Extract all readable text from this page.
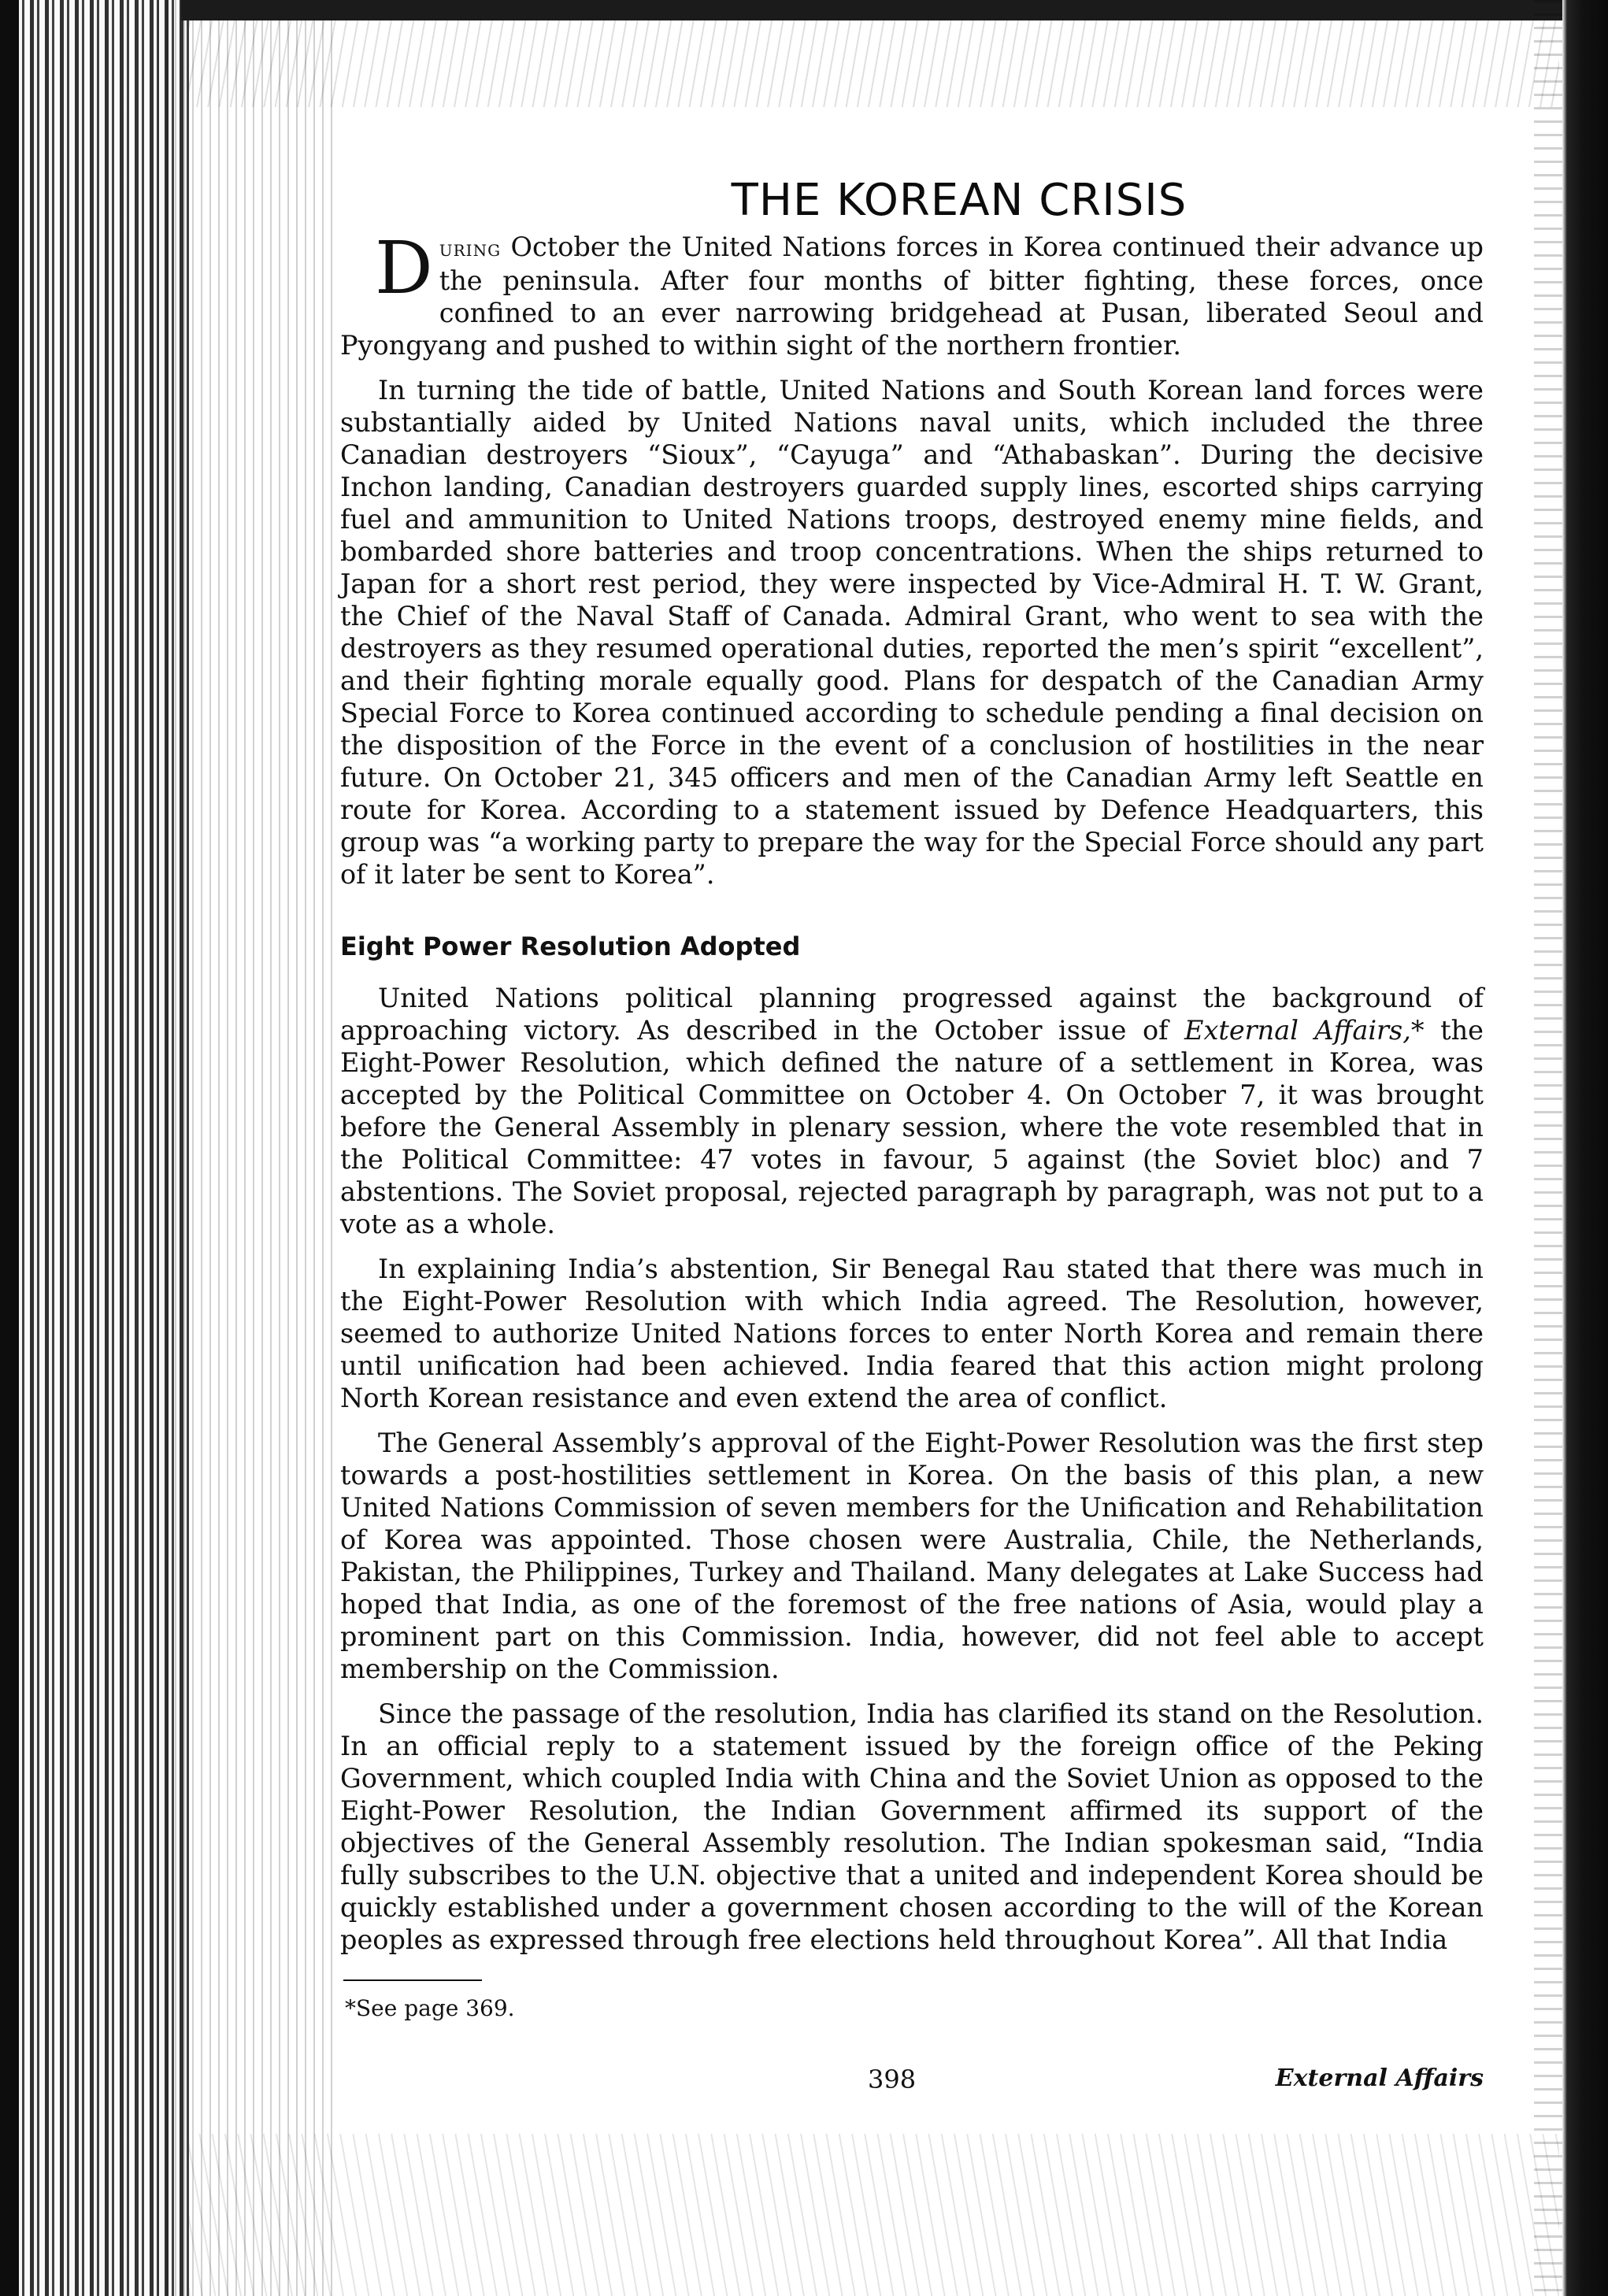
THE KOREAN CRISIS

During October the United Nations forces in Korea continued their advance up the peninsula. After four months of bitter fighting, these forces, once confined to an ever narrowing bridgehead at Pusan, liberated Seoul and Pyongyang and pushed to within sight of the northern frontier.

In turning the tide of battle, United Nations and South Korean land forces were substantially aided by United Nations naval units, which included the three Canadian destroyers “Sioux”, “Cayuga” and “Athabaskan”. During the decisive Inchon landing, Canadian destroyers guarded supply lines, escorted ships carrying fuel and ammunition to United Nations troops, destroyed enemy mine fields, and bombarded shore batteries and troop concentrations. When the ships returned to Japan for a short rest period, they were inspected by Vice-Admiral H. T. W. Grant, the Chief of the Naval Staff of Canada. Admiral Grant, who went to sea with the destroyers as they resumed operational duties, reported the men’s spirit “excellent”, and their fighting morale equally good. Plans for despatch of the Canadian Army Special Force to Korea continued according to schedule pending a final decision on the disposition of the Force in the event of a conclusion of hostilities in the near future. On October 21, 345 officers and men of the Canadian Army left Seattle en route for Korea. According to a statement issued by Defence Headquarters, this group was “a working party to prepare the way for the Special Force should any part of it later be sent to Korea”.

Eight Power Resolution Adopted

United Nations political planning progressed against the background of approaching victory. As described in the October issue of External Affairs,* the Eight-Power Resolution, which defined the nature of a settlement in Korea, was accepted by the Political Committee on October 4. On October 7, it was brought before the General Assembly in plenary session, where the vote resembled that in the Political Committee: 47 votes in favour, 5 against (the Soviet bloc) and 7 abstentions. The Soviet proposal, rejected paragraph by paragraph, was not put to a vote as a whole.

In explaining India’s abstention, Sir Benegal Rau stated that there was much in the Eight-Power Resolution with which India agreed. The Resolution, however, seemed to authorize United Nations forces to enter North Korea and remain there until unification had been achieved. India feared that this action might prolong North Korean resistance and even extend the area of conflict.

The General Assembly’s approval of the Eight-Power Resolution was the first step towards a post-hostilities settlement in Korea. On the basis of this plan, a new United Nations Commission of seven members for the Unification and Rehabilitation of Korea was appointed. Those chosen were Australia, Chile, the Netherlands, Pakistan, the Philippines, Turkey and Thailand. Many delegates at Lake Success had hoped that India, as one of the foremost of the free nations of Asia, would play a prominent part on this Commission. India, however, did not feel able to accept membership on the Commission.

Since the passage of the resolution, India has clarified its stand on the Resolution. In an official reply to a statement issued by the foreign office of the Peking Government, which coupled India with China and the Soviet Union as opposed to the Eight-Power Resolution, the Indian Government affirmed its support of the objectives of the General Assembly resolution. The Indian spokesman said, “India fully subscribes to the U.N. objective that a united and independent Korea should be quickly established under a government chosen according to the will of the Korean peoples as expressed through free elections held throughout Korea”. All that India

*See page 369.

398	External Affairs
